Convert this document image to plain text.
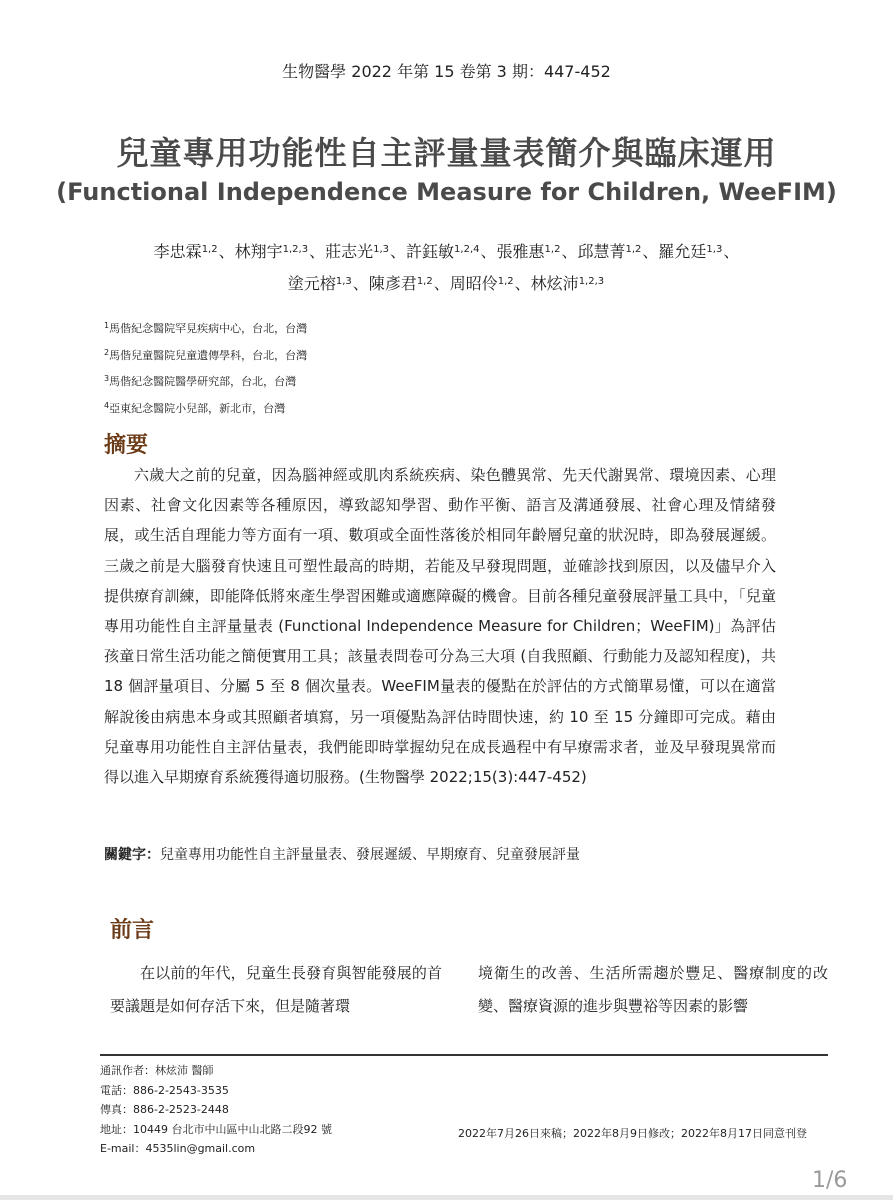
生物醫學 2022 年第 15 卷第 3 期：447-452
兒童專用功能性自主評量量表簡介與臨床運用
(Functional Independence Measure for Children, WeeFIM)
李忠霖$^{1,2}$、林翔宇$^{1,2,3}$、莊志光$^{1,3}$、許鈺敏$^{1,2,4}$、張雅惠$^{1,2}$、邱慧菁$^{1,2}$、羅允廷$^{1,3}$、
塗元榕$^{1,3}$、陳彥君$^{1,2}$、周昭伶$^{1,2}$、林炫沛$^{1,2,3}$
$^1$馬偕紀念醫院罕見疾病中心，台北，台灣
$^2$馬偕兒童醫院兒童遺傳學科，台北，台灣
$^3$馬偕紀念醫院醫學研究部，台北，台灣
$^4$亞東紀念醫院小兒部，新北市，台灣
摘要

六歲大之前的兒童，因為腦神經或肌肉系統疾病、染色體異常、先天代謝異常、環境因素、心理因素、社會文化因素等各種原因，導致認知學習、動作平衡、語言及溝通發展、社會心理及情緒發展，或生活自理能力等方面有一項、數項或全面性落後於相同年齡層兒童的狀況時，即為發展遲緩。三歲之前是大腦發育快速且可塑性最高的時期，若能及早發現問題，並確診找到原因，以及儘早介入提供療育訓練，即能降低將來產生學習困難或適應障礙的機會。目前各種兒童發展評量工具中，「兒童專用功能性自主評量量表 (Functional Independence Measure for Children；WeeFIM)」為評估孩童日常生活功能之簡便實用工具；該量表問卷可分為三大項 (自我照顧、行動能力及認知程度)，共 18 個評量項目、分屬 5 至 8 個次量表。WeeFIM量表的優點在於評估的方式簡單易懂，可以在適當解說後由病患本身或其照顧者填寫，另一項優點為評估時間快速，約 10 至 15 分鐘即可完成。藉由兒童專用功能性自主評估量表，我們能即時掌握幼兒在成長過程中有早療需求者，並及早發現異常而得以進入早期療育系統獲得適切服務。(生物醫學 2022;15(3):447-452)

關鍵字：兒童專用功能性自主評量量表、發展遲緩、早期療育、兒童發展評量
前言

在以前的年代，兒童生長發育與智能發展的首要議題是如何存活下來，但是隨著環

境衛生的改善、生活所需趨於豐足、醫療制度的改變、醫療資源的進步與豐裕等因素的影響

通訊作者：林炫沛 醫師
電話：886-2-2543-3535
傳真：886-2-2523-2448
地址：10449 台北市中山區中山北路二段92 號
E-mail：4535lin@gmail.com
2022年7月26日來稿；2022年8月9日修改；2022年8月17日同意刊登
1/6
